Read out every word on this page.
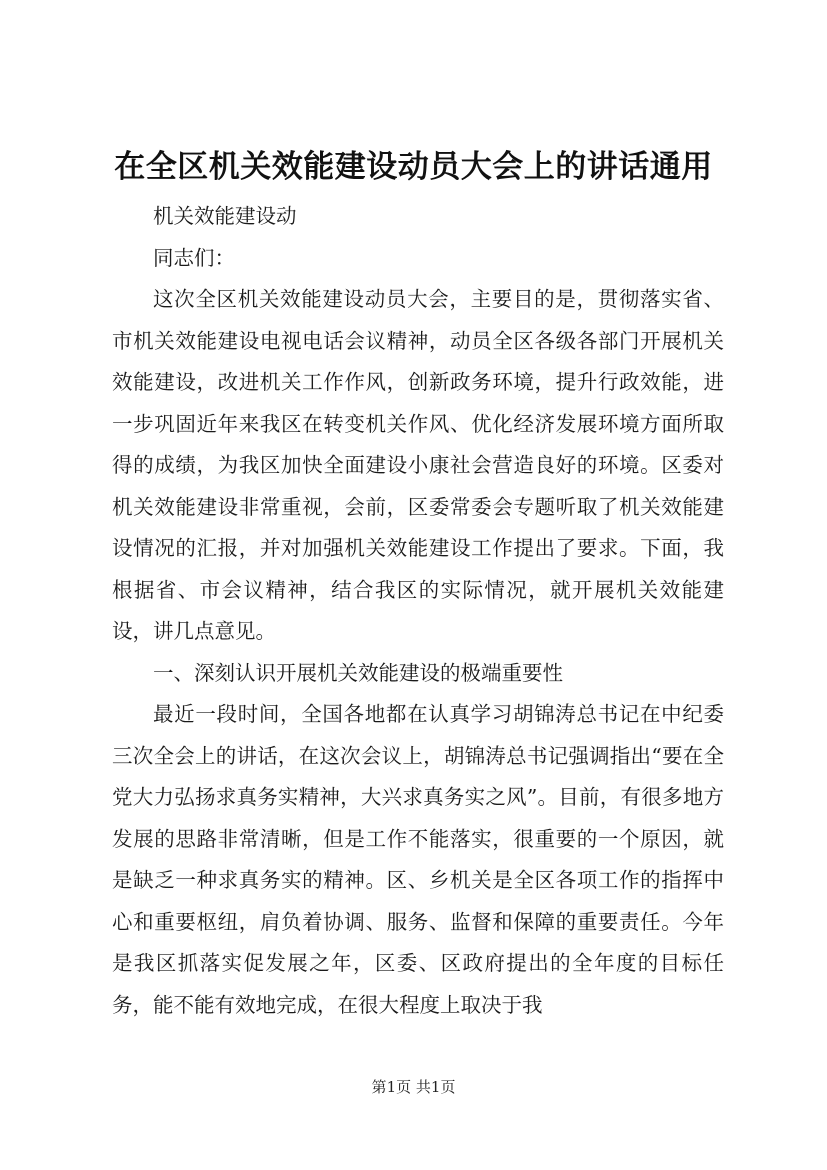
在全区机关效能建设动员大会上的讲话通用

机关效能建设动

同志们：

这次全区机关效能建设动员大会，主要目的是，贯彻落实省、市机关效能建设电视电话会议精神，动员全区各级各部门开展机关效能建设，改进机关工作作风，创新政务环境，提升行政效能，进一步巩固近年来我区在转变机关作风、优化经济发展环境方面所取得的成绩，为我区加快全面建设小康社会营造良好的环境。区委对机关效能建设非常重视，会前，区委常委会专题听取了机关效能建设情况的汇报，并对加强机关效能建设工作提出了要求。下面，我根据省、市会议精神，结合我区的实际情况，就开展机关效能建设，讲几点意见。

一、深刻认识开展机关效能建设的极端重要性

最近一段时间，全国各地都在认真学习胡锦涛总书记在中纪委三次全会上的讲话，在这次会议上，胡锦涛总书记强调指出“要在全党大力弘扬求真务实精神，大兴求真务实之风”。目前，有很多地方发展的思路非常清晰，但是工作不能落实，很重要的一个原因，就是缺乏一种求真务实的精神。区、乡机关是全区各项工作的指挥中心和重要枢纽，肩负着协调、服务、监督和保障的重要责任。今年是我区抓落实促发展之年，区委、区政府提出的全年度的目标任务，能不能有效地完成，在很大程度上取决于我

第1页 共1页
